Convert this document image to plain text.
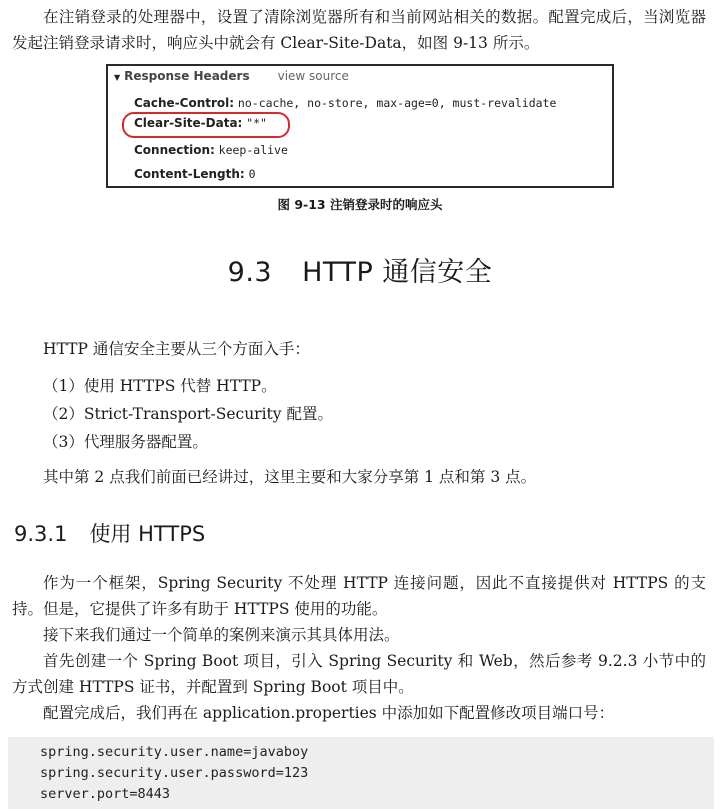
在注销登录的处理器中，设置了清除浏览器所有和当前网站相关的数据。配置完成后，当浏览器发起注销登录请求时，响应头中就会有 Clear-Site-Data，如图 9-13 所示。

▼ Response Headers view source
Cache-Control: no-cache, no-store, max-age=0, must-revalidate
Clear-Site-Data: "*"
Connection: keep-alive
Content-Length: 0
图 9-13 注销登录时的响应头
9.3 HTTP 通信安全

HTTP 通信安全主要从三个方面入手：

（1）使用 HTTPS 代替 HTTP。

（2）Strict-Transport-Security 配置。

（3）代理服务器配置。

其中第 2 点我们前面已经讲过，这里主要和大家分享第 1 点和第 3 点。

9.3.1 使用 HTTPS

作为一个框架，Spring Security 不处理 HTTP 连接问题，因此不直接提供对 HTTPS 的支持。但是，它提供了许多有助于 HTTPS 使用的功能。

接下来我们通过一个简单的案例来演示其具体用法。

首先创建一个 Spring Boot 项目，引入 Spring Security 和 Web，然后参考 9.2.3 小节中的方式创建 HTTPS 证书，并配置到 Spring Boot 项目中。

配置完成后，我们再在 application.properties 中添加如下配置修改项目端口号：

spring.security.user.name=javaboy
spring.security.user.password=123
server.port=8443
